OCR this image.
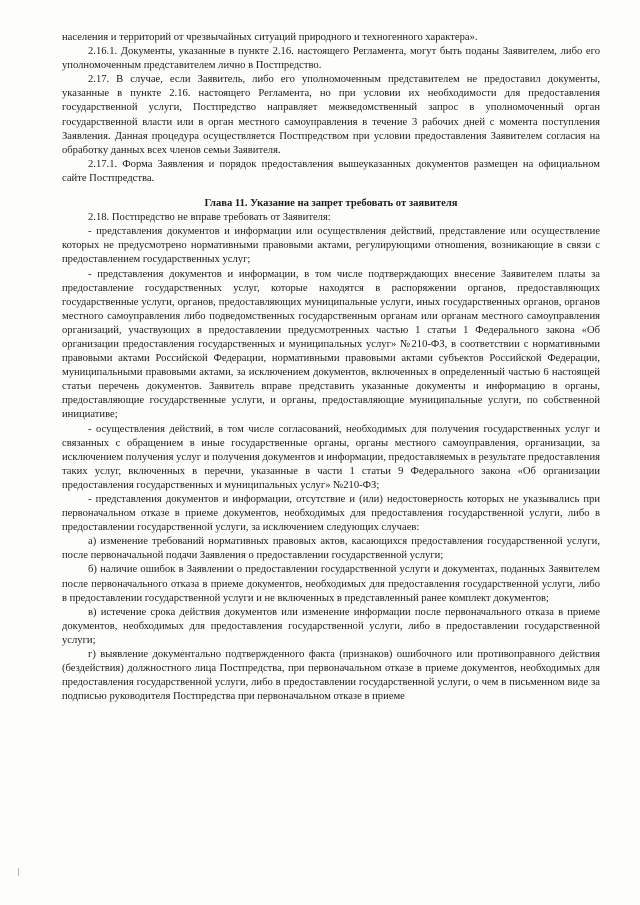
населения и территорий от чрезвычайных ситуаций природного и техногенного характера».

2.16.1. Документы, указанные в пункте 2.16. настоящего Регламента, могут быть поданы Заявителем, либо его уполномоченным представителем лично в Постпредство.

2.17. В случае, если Заявитель, либо его уполномоченным представителем не предоставил документы, указанные в пункте 2.16. настоящего Регламента, но при условии их необходимости для предоставления государственной услуги, Постпредство направляет межведомственный запрос в уполномоченный орган государственной власти или в орган местного самоуправления в течение 3 рабочих дней с момента поступления Заявления. Данная процедура осуществляется Постпредством при условии предоставления Заявителем согласия на обработку данных всех членов семьи Заявителя.

2.17.1. Форма Заявления и порядок предоставления вышеуказанных документов размещен на официальном сайте Постпредства.

Глава 11. Указание на запрет требовать от заявителя

2.18. Постпредство не вправе требовать от Заявителя:

- представления документов и информации или осуществления действий, представление или осуществление которых не предусмотрено нормативными правовыми актами, регулирующими отношения, возникающие в связи с предоставлением государственных услуг;

- представления документов и информации, в том числе подтверждающих внесение Заявителем платы за предоставление государственных услуг, которые находятся в распоряжении органов, предоставляющих государственные услуги, органов, предоставляющих муниципальные услуги, иных государственных органов, органов местного самоуправления либо подведомственных государственным органам или органам местного самоуправления организаций, участвующих в предоставлении предусмотренных частью 1 статьи 1 Федерального закона «Об организации предоставления государственных и муниципальных услуг» №210-ФЗ, в соответствии с нормативными правовыми актами Российской Федерации, нормативными правовыми актами субъектов Российской Федерации, муниципальными правовыми актами, за исключением документов, включенных в определенный частью 6 настоящей статьи перечень документов. Заявитель вправе представить указанные документы и информацию в органы, предоставляющие государственные услуги, и органы, предоставляющие муниципальные услуги, по собственной инициативе;

- осуществления действий, в том числе согласований, необходимых для получения государственных услуг и связанных с обращением в иные государственные органы, органы местного самоуправления, организации, за исключением получения услуг и получения документов и информации, предоставляемых в результате предоставления таких услуг, включенных в перечни, указанные в части 1 статьи 9 Федерального закона «Об организации предоставления государственных и муниципальных услуг» №210-ФЗ;

- представления документов и информации, отсутствие и (или) недостоверность которых не указывались при первоначальном отказе в приеме документов, необходимых для предоставления государственной услуги, либо в предоставлении государственной услуги, за исключением следующих случаев:

а) изменение требований нормативных правовых актов, касающихся предоставления государственной услуги, после первоначальной подачи Заявления о предоставлении государственной услуги;

б) наличие ошибок в Заявлении о предоставлении государственной услуги и документах, поданных Заявителем после первоначального отказа в приеме документов, необходимых для предоставления государственной услуги, либо в предоставлении государственной услуги и не включенных в представленный ранее комплект документов;

в) истечение срока действия документов или изменение информации после первоначального отказа в приеме документов, необходимых для предоставления государственной услуги, либо в предоставлении государственной услуги;

г) выявление документально подтвержденного факта (признаков) ошибочного или противоправного действия (бездействия) должностного лица Постпредства, при первоначальном отказе в приеме документов, необходимых для предоставления государственной услуги, либо в предоставлении государственной услуги, о чем в письменном виде за подписью руководителя Постпредства при первоначальном отказе в приеме
